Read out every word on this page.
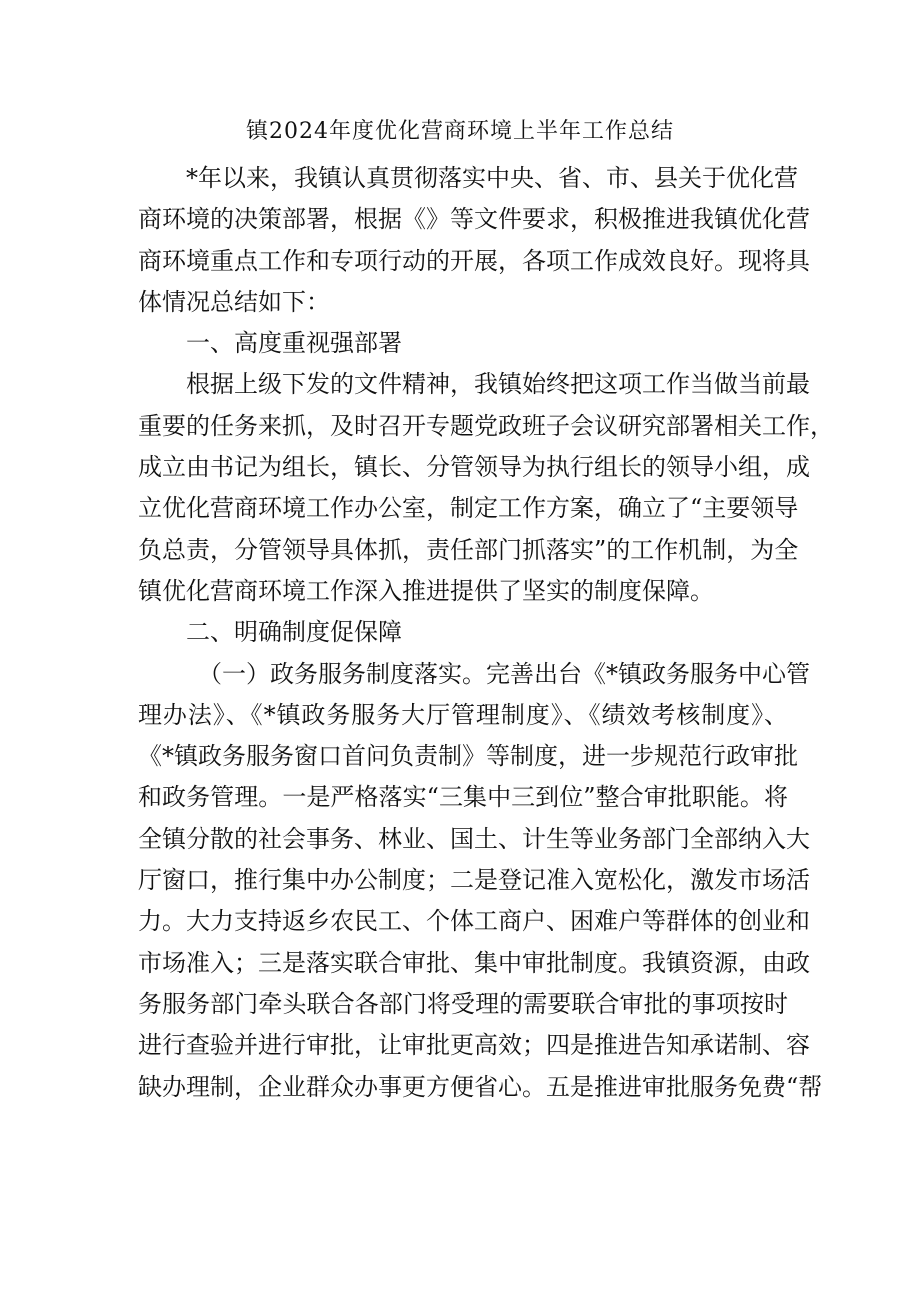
镇2024年度优化营商环境上半年工作总结
*年以来，我镇认真贯彻落实中央、省、市、县关于优化营
商环境的决策部署，根据《》等文件要求，积极推进我镇优化营
商环境重点工作和专项行动的开展，各项工作成效良好。现将具
体情况总结如下：
一、高度重视强部署
根据上级下发的文件精神，我镇始终把这项工作当做当前最
重要的任务来抓，及时召开专题党政班子会议研究部署相关工作，
成立由书记为组长，镇长、分管领导为执行组长的领导小组，成
立优化营商环境工作办公室，制定工作方案，确立了“主要领导
负总责，分管领导具体抓，责任部门抓落实”的工作机制，为全
镇优化营商环境工作深入推进提供了坚实的制度保障。
二、明确制度促保障
（一）政务服务制度落实。完善出台《*镇政务服务中心管
理办法》、《*镇政务服务大厅管理制度》、《绩效考核制度》、
《*镇政务服务窗口首问负责制》等制度，进一步规范行政审批
和政务管理。一是严格落实“三集中三到位”整合审批职能。将
全镇分散的社会事务、林业、国土、计生等业务部门全部纳入大
厅窗口，推行集中办公制度；二是登记准入宽松化，激发市场活
力。大力支持返乡农民工、个体工商户、困难户等群体的创业和
市场准入；三是落实联合审批、集中审批制度。我镇资源，由政
务服务部门牵头联合各部门将受理的需要联合审批的事项按时
进行查验并进行审批，让审批更高效；四是推进告知承诺制、容
缺办理制，企业群众办事更方便省心。五是推进审批服务免费“帮
